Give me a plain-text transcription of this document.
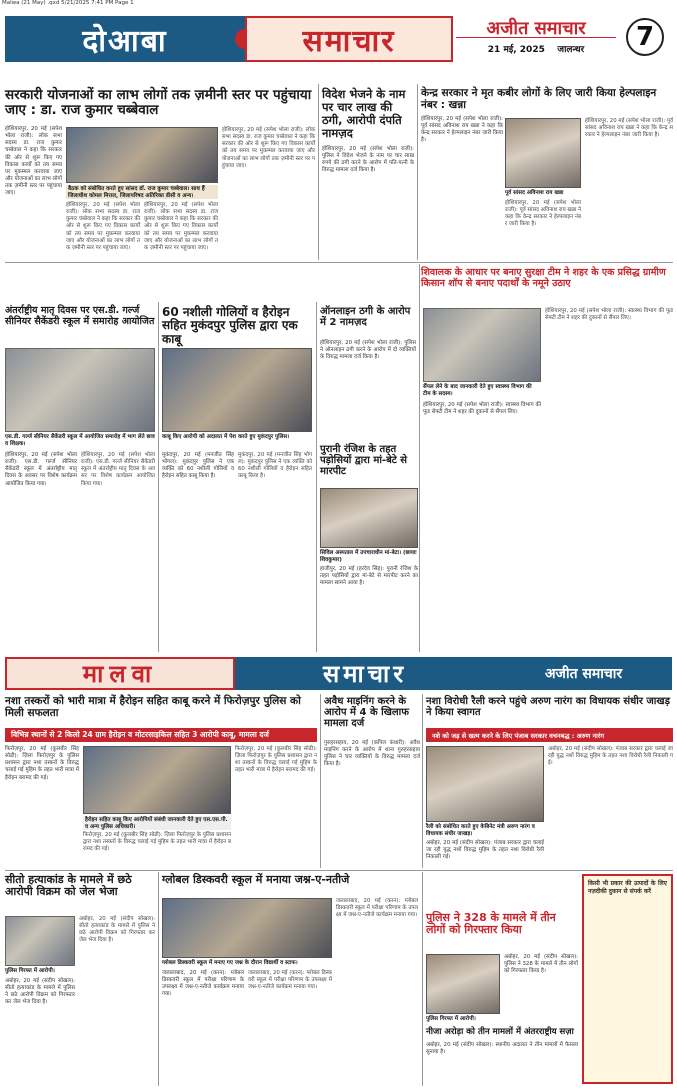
Malwa (21 May) .qxd 5/21/2025 7:41 PM Page 1
दोआबा	समाचार	अजीत समाचार
21 मई, 2025 जालन्धर	7
सरकारी योजनाओं का लाभ लोगों तक ज़मीनी स्तर पर पहुंचाया जाए : डा. राज कुमार चब्बेवाल
होशियारपुर, 20 मई (सपेश भोला राजी): लोक सभा सदस्य डा. राज कुमार चब्बेवाल ने कहा कि सरकार की ओर से शुरू किए गए विकास कार्यों को तय समय पर मुकम्मल करवाया जाए और योजनाओं का लाभ लोगों तक ज़मीनी स्तर पर पहुंचाया जाए।
बैठक को संबोधित करते हुए सांसद डॉ. राज कुमार चब्बेवाल। साथ हैं जिलाधीश कोमल मित्तल, जिलापरिषद अतिरिक्त डीसी व अन्य।
होशियारपुर, 20 मई (सपेश भोला राजी): लोक सभा सदस्य डा. राज कुमार चब्बेवाल ने कहा कि सरकार की ओर से शुरू किए गए विकास कार्यों को तय समय पर मुकम्मल करवाया जाए और योजनाओं का लाभ लोगों तक ज़मीनी स्तर पर पहुंचाया जाए।
होशियारपुर, 20 मई (सपेश भोला राजी): लोक सभा सदस्य डा. राज कुमार चब्बेवाल ने कहा कि सरकार की ओर से शुरू किए गए विकास कार्यों को तय समय पर मुकम्मल करवाया जाए और योजनाओं का लाभ लोगों तक ज़मीनी स्तर पर पहुंचाया जाए।
होशियारपुर, 20 मई (सपेश भोला राजी): लोक सभा सदस्य डा. राज कुमार चब्बेवाल ने कहा कि सरकार की ओर से शुरू किए गए विकास कार्यों को तय समय पर मुकम्मल करवाया जाए और योजनाओं का लाभ लोगों तक ज़मीनी स्तर पर पहुंचाया जाए।
विदेश भेजने के नाम पर चार लाख की ठगी, आरोपी दंपति नामज़द
होशियारपुर, 20 मई (सपेश भोला राजी): पुलिस ने विदेश भेजने के नाम पर चार लाख रुपये की ठगी करने के आरोप में पति-पत्नी के विरुद्ध मामला दर्ज किया है।
केन्द्र सरकार ने मृत कबीर लोगों के लिए जारी किया हेल्पलाइन नंबर : खन्ना
होशियारपुर, 20 मई (सपेश भोला राजी): पूर्व सांसद अविनाश राय खन्ना ने कहा कि केन्द्र सरकार ने हेल्पलाइन नंबर जारी किया है।
पूर्व सांसद अविनाश राय खन्ना
होशियारपुर, 20 मई (सपेश भोला राजी): पूर्व सांसद अविनाश राय खन्ना ने कहा कि केन्द्र सरकार ने हेल्पलाइन नंबर जारी किया है।
होशियारपुर, 20 मई (सपेश भोला राजी): पूर्व सांसद अविनाश राय खन्ना ने कहा कि केन्द्र सरकार ने हेल्पलाइन नंबर जारी किया है।
शिवालक के आधार पर बनाए सुरक्षा टीम ने शहर के एक प्रसिद्ध ग्रामीण किसान शॉप से बनाए पदार्थों के नमूने उठाए
अंतर्राष्ट्रीय मातृ दिवस पर एस.डी. गर्ल्ज सीनियर सैकेंडरी स्कूल में समारोह आयोजित
एस.डी. गर्ल्ज सीनियर सैकेंडरी स्कूल में आयोजित समारोह में भाग लेते छात्र व शिक्षक।
होशियारपुर, 20 मई (सपेश भोला राजी): एस.डी. गर्ल्ज सीनियर सैकेंडरी स्कूल में अंतर्राष्ट्रीय मातृ दिवस के अवसर पर विशेष कार्यक्रम आयोजित किया गया।
होशियारपुर, 20 मई (सपेश भोला राजी): एस.डी. गर्ल्ज सीनियर सैकेंडरी स्कूल में अंतर्राष्ट्रीय मातृ दिवस के अवसर पर विशेष कार्यक्रम आयोजित किया गया।
60 नशीली गोलियों व हैरोइन सहित मुकंदपुर पुलिस द्वारा एक काबू
काबू किए आरोपी को अदालत में पेश करते हुए मुकंदपुर पुलिस।
मुकंदपुर, 20 मई (मनजीत सिंह भोगल): मुकंदपुर पुलिस ने एक व्यक्ति को 60 नशीली गोलियों व हैरोइन सहित काबू किया है।
मुकंदपुर, 20 मई (मनजीत सिंह भोगल): मुकंदपुर पुलिस ने एक व्यक्ति को 60 नशीली गोलियों व हैरोइन सहित काबू किया है।
ऑनलाइन ठगी के आरोप में 2 नामज़द
होशियारपुर, 20 मई (सपेश भोला राजी): पुलिस ने ऑनलाइन ठगी करने के आरोप में दो व्यक्तियों के विरुद्ध मामला दर्ज किया है।
पुरानी रंजिश के तहत पड़ोसियों द्वारा मां-बेटे से मारपीट
सिविल अस्पताल में उपचाराधीन मां-बेटा। (छायाः शिवकुमार)
हाजीपुर, 20 मई (हरदेव सिंह): पुरानी रंजिश के तहत पड़ोसियों द्वारा मां-बेटे से मारपीट करने का मामला सामने आया है।
सैंपल लेने के बाद जानकारी देते हुए स्वास्थ्य विभाग की टीम के सदस्य।
होशियारपुर, 20 मई (सपेश भोला राजी): स्वास्थ्य विभाग की फूड सेफ्टी टीम ने शहर की दुकानों से सैंपल लिए।
होशियारपुर, 20 मई (सपेश भोला राजी): स्वास्थ्य विभाग की फूड सेफ्टी टीम ने शहर की दुकानों से सैंपल लिए।
मालवा	समाचार	अजीत समाचार
नशा तस्करों को भारी मात्रा में हैरोइन सहित काबू करने में फिरोज़पुर पुलिस को मिली सफलता
विभिन्न स्थानों से 2 किलो 24 ग्राम हैरोइन व मोटरसाइकिल सहित 3 आरोपी काबू, मामला दर्ज
फिरोज़पुर, 20 मई (कुलबीर सिंह सोढी): ज़िला फिरोज़पुर के पुलिस प्रशासन द्वारा नशा तस्करों के विरुद्ध चलाई गई मुहिम के तहत भारी मात्रा में हैरोइन बरामद की गई।
हैरोइन सहित काबू किए आरोपियों संबंधी जानकारी देते हुए एस.एस.पी. व अन्य पुलिस अधिकारी।
फिरोज़पुर, 20 मई (कुलबीर सिंह सोढी): ज़िला फिरोज़पुर के पुलिस प्रशासन द्वारा नशा तस्करों के विरुद्ध चलाई गई मुहिम के तहत भारी मात्रा में हैरोइन बरामद की गई।
फिरोज़पुर, 20 मई (कुलबीर सिंह सोढी): ज़िला फिरोज़पुर के पुलिस प्रशासन द्वारा नशा तस्करों के विरुद्ध चलाई गई मुहिम के तहत भारी मात्रा में हैरोइन बरामद की गई।
अवैध माइनिंग करने के आरोप में 4 के खिलाफ मामला दर्ज
गुरुहरसहाय, 20 मई (कपिल कंधारी): अवैध माइनिंग करने के आरोप में थाना गुरुहरसहाय पुलिस ने चार व्यक्तियों के विरुद्ध मामला दर्ज किया है।
नशा विरोधी रैली करने पहुंचे अरुण नारंग का विधायक संधीर जाखड़ ने किया स्वागत
नशे को जड़ से खत्म करने के लिए पंजाब सरकार वचनबद्ध : अरुण नारंग
रैली को संबोधित करते हुए केबिनेट मंत्री अरुण नारंग व विधायक संधीर जाखड़।
अबोहर, 20 मई (संदीप सोखल): पंजाब सरकार द्वारा चलाई जा रही युद्ध नशों विरुद्ध मुहिम के तहत नशा विरोधी रैली निकाली गई।
अबोहर, 20 मई (संदीप सोखल): पंजाब सरकार द्वारा चलाई जा रही युद्ध नशों विरुद्ध मुहिम के तहत नशा विरोधी रैली निकाली गई।
सीतो हत्याकांड के मामले में छठे आरोपी विक्रम को जेल भेजा
पुलिस गिरफ्त में आरोपी।
अबोहर, 20 मई (संदीप सोखल): सीतो हत्याकांड के मामले में पुलिस ने छठे आरोपी विक्रम को गिरफ्तार कर जेल भेज दिया है।
अबोहर, 20 मई (संदीप सोखल): सीतो हत्याकांड के मामले में पुलिस ने छठे आरोपी विक्रम को गिरफ्तार कर जेल भेज दिया है।
ग्लोबल डिस्कवरी स्कूल में मनाया जश्न-ए-नतीजे
ग्लोबल डिस्कवरी स्कूल में मनाए गए जश्न के दौरान विद्यार्थी व स्टाफ।
जलालाबाद, 20 मई (करन): ग्लोबल डिस्कवरी स्कूल में परीक्षा परिणाम के उपलक्ष्य में जश्न-ए-नतीजे कार्यक्रम मनाया गया।
जलालाबाद, 20 मई (करन): ग्लोबल डिस्कवरी स्कूल में परीक्षा परिणाम के उपलक्ष्य में जश्न-ए-नतीजे कार्यक्रम मनाया गया।
जलालाबाद, 20 मई (करन): ग्लोबल डिस्कवरी स्कूल में परीक्षा परिणाम के उपलक्ष्य में जश्न-ए-नतीजे कार्यक्रम मनाया गया। पुलिस ने 328 के मामले में तीन लोगों को गिरफ्तार किया
पुलिस गिरफ्त में आरोपी।
अबोहर, 20 मई (संदीप सोखल): पुलिस ने 328 के मामले में तीन लोगों को गिरफ्तार किया है।
नीजा अरोड़ा को तीन मामलों में अंतरराष्ट्रीय सज़ा
अबोहर, 20 मई (संदीप सोखल): स्थानीय अदालत ने तीन मामलों में फैसला सुनाया है।
किसी भी प्रकार की उत्पादों के लिए नज़दीकी दुकान से संपर्क करें
